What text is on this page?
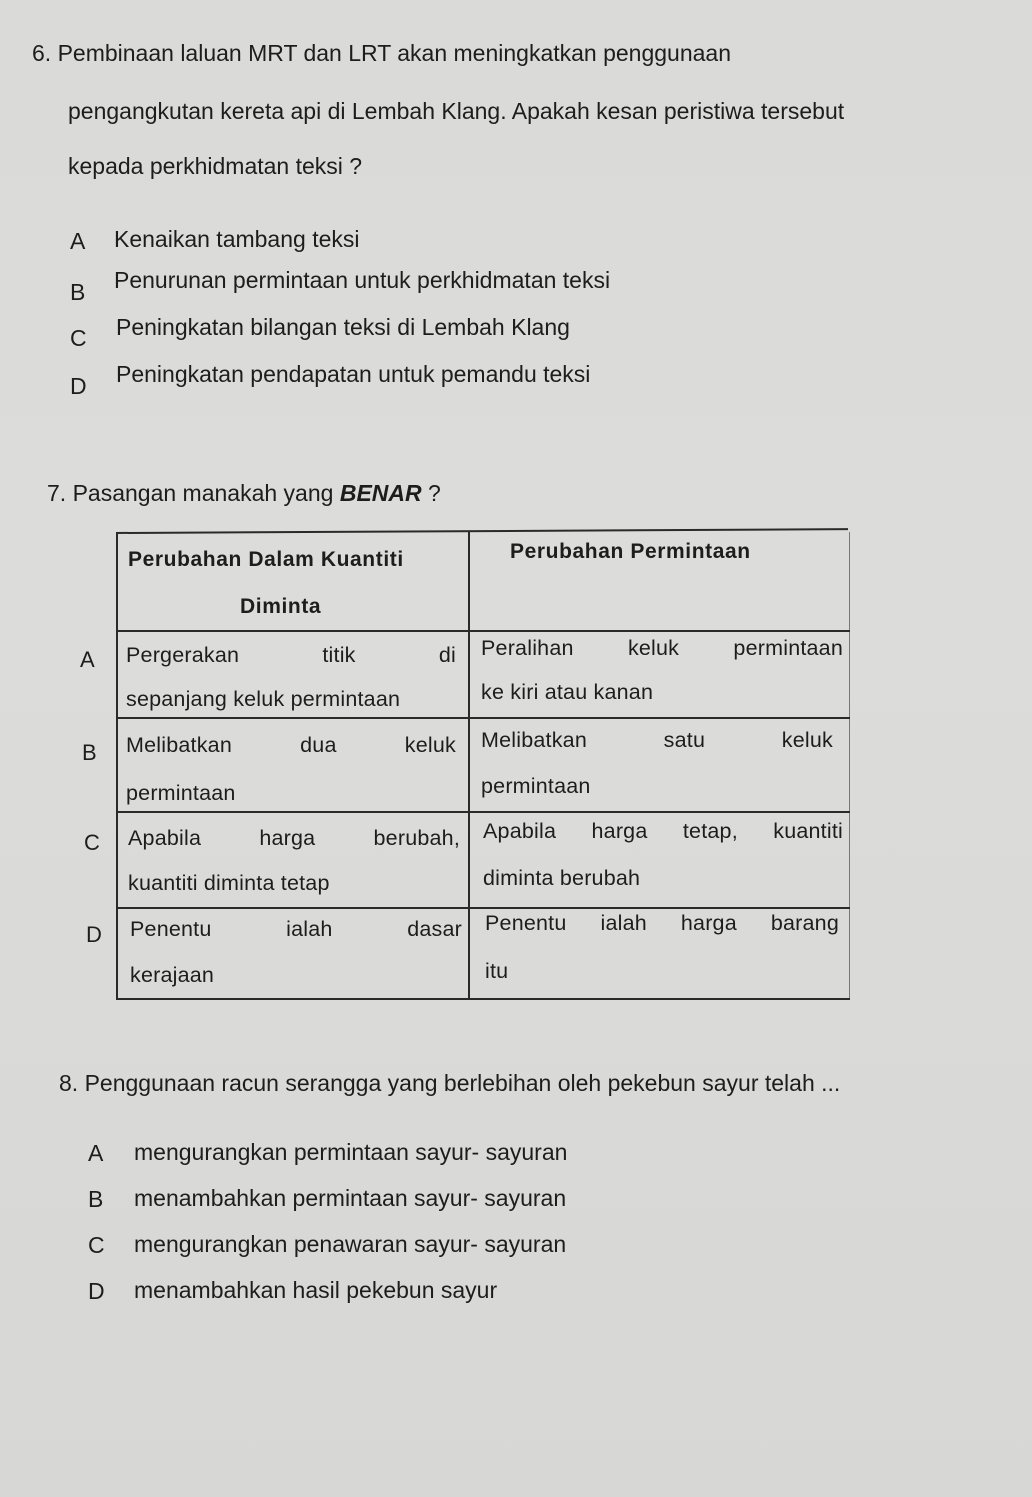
6. Pembinaan laluan MRT dan LRT akan meningkatkan penggunaan
pengangkutan kereta api di Lembah Klang. Apakah kesan peristiwa tersebut
kepada perkhidmatan teksi ?
A Kenaikan tambang teksi
B Penurunan permintaan untuk perkhidmatan teksi
C Peningkatan bilangan teksi di Lembah Klang
D Peningkatan pendapatan untuk pemandu teksi
7. Pasangan manakah yang BENAR ?
A
B
C
D
Perubahan Dalam Kuantiti
Diminta
Perubahan Permintaan
Pergerakan titik di
sepanjang keluk permintaan
Peralihan keluk permintaan
ke kiri atau kanan
Melibatkan dua keluk
permintaan
Melibatkan satu keluk
permintaan
Apabila harga berubah,
kuantiti diminta tetap
Apabila harga tetap, kuantiti
diminta berubah
Penentu ialah dasar
kerajaan
Penentu ialah harga barang
itu
8. Penggunaan racun serangga yang berlebihan oleh pekebun sayur telah ...
A mengurangkan permintaan sayur- sayuran
B menambahkan permintaan sayur- sayuran
C mengurangkan penawaran sayur- sayuran
D menambahkan hasil pekebun sayur
